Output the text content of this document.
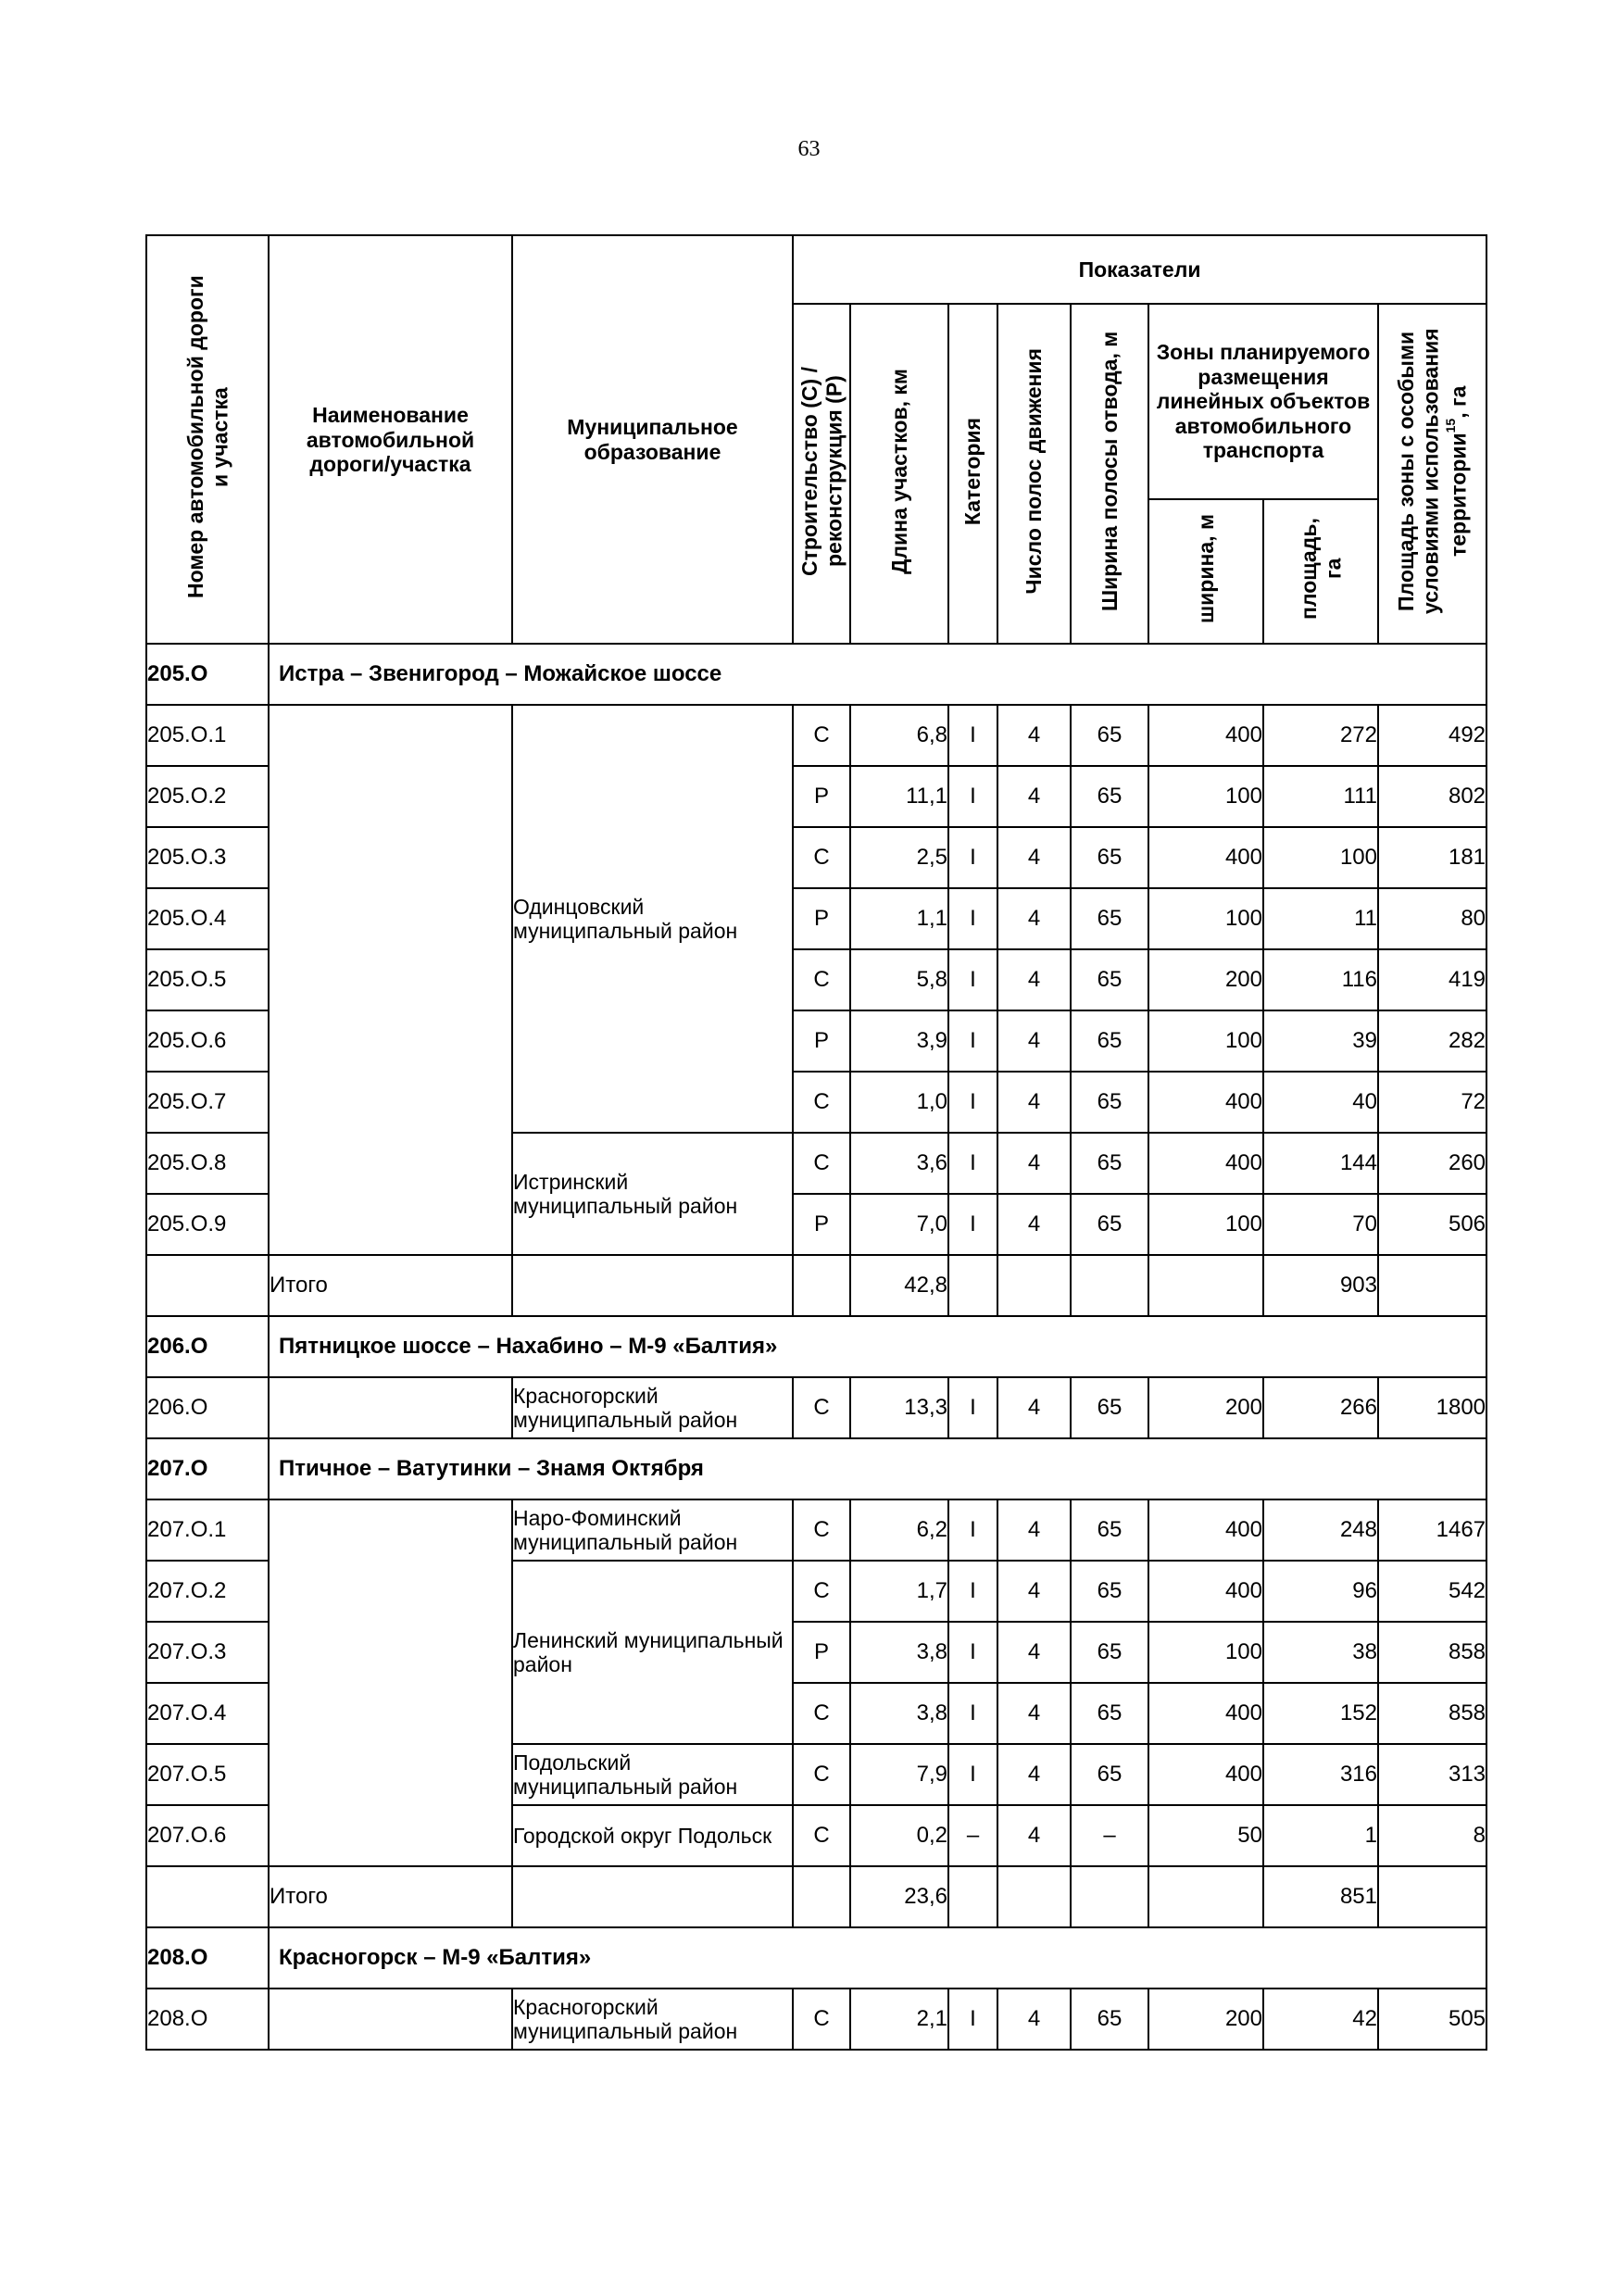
63
Номер автомобильной дороги и участка	Наименование автомобильной дороги/участка	Муниципальное образование	Показатели							
			Строительство (С) / реконструкция (Р)	Длина участков, км	Категория	Число полос движения	Ширина полосы отвода, м	Зоны планируемого размещения линейных объектов автомобильного транспорта		Площадь зоны с особыми условиями использования территории$^{15}$, га
								ширина, м	площадь, га	
205.О	Истра – Звенигород – Можайское шоссе									
205.О.1		Одинцовский муниципальный район	С	6,8	I	4	65	400	272	492
205.О.2			Р	11,1	I	4	65	100	111	802
205.О.3			С	2,5	I	4	65	400	100	181
205.О.4			Р	1,1	I	4	65	100	11	80
205.О.5			С	5,8	I	4	65	200	116	419
205.О.6			Р	3,9	I	4	65	100	39	282
205.О.7			С	1,0	I	4	65	400	40	72
205.О.8		Истринский муниципальный район	С	3,6	I	4	65	400	144	260
205.О.9			Р	7,0	I	4	65	100	70	506
	Итого			42,8					903	
206.О	Пятницкое шоссе – Нахабино – М-9 «Балтия»									
206.О		Красногорский муниципальный район	С	13,3	I	4	65	200	266	1800
207.О	Птичное – Ватутинки – Знамя Октября									
207.О.1		Наро-Фоминский муниципальный район	С	6,2	I	4	65	400	248	1467
207.О.2		Ленинский муниципальный район	С	1,7	I	4	65	400	96	542
207.О.3			Р	3,8	I	4	65	100	38	858
207.О.4			С	3,8	I	4	65	400	152	858
207.О.5		Подольский муниципальный район	С	7,9	I	4	65	400	316	313
207.О.6		Городской округ Подольск	С	0,2	–	4	–	50	1	8
	Итого			23,6					851	
208.О	Красногорск – М-9 «Балтия»									
208.О		Красногорский муниципальный район	С	2,1	I	4	65	200	42	505
